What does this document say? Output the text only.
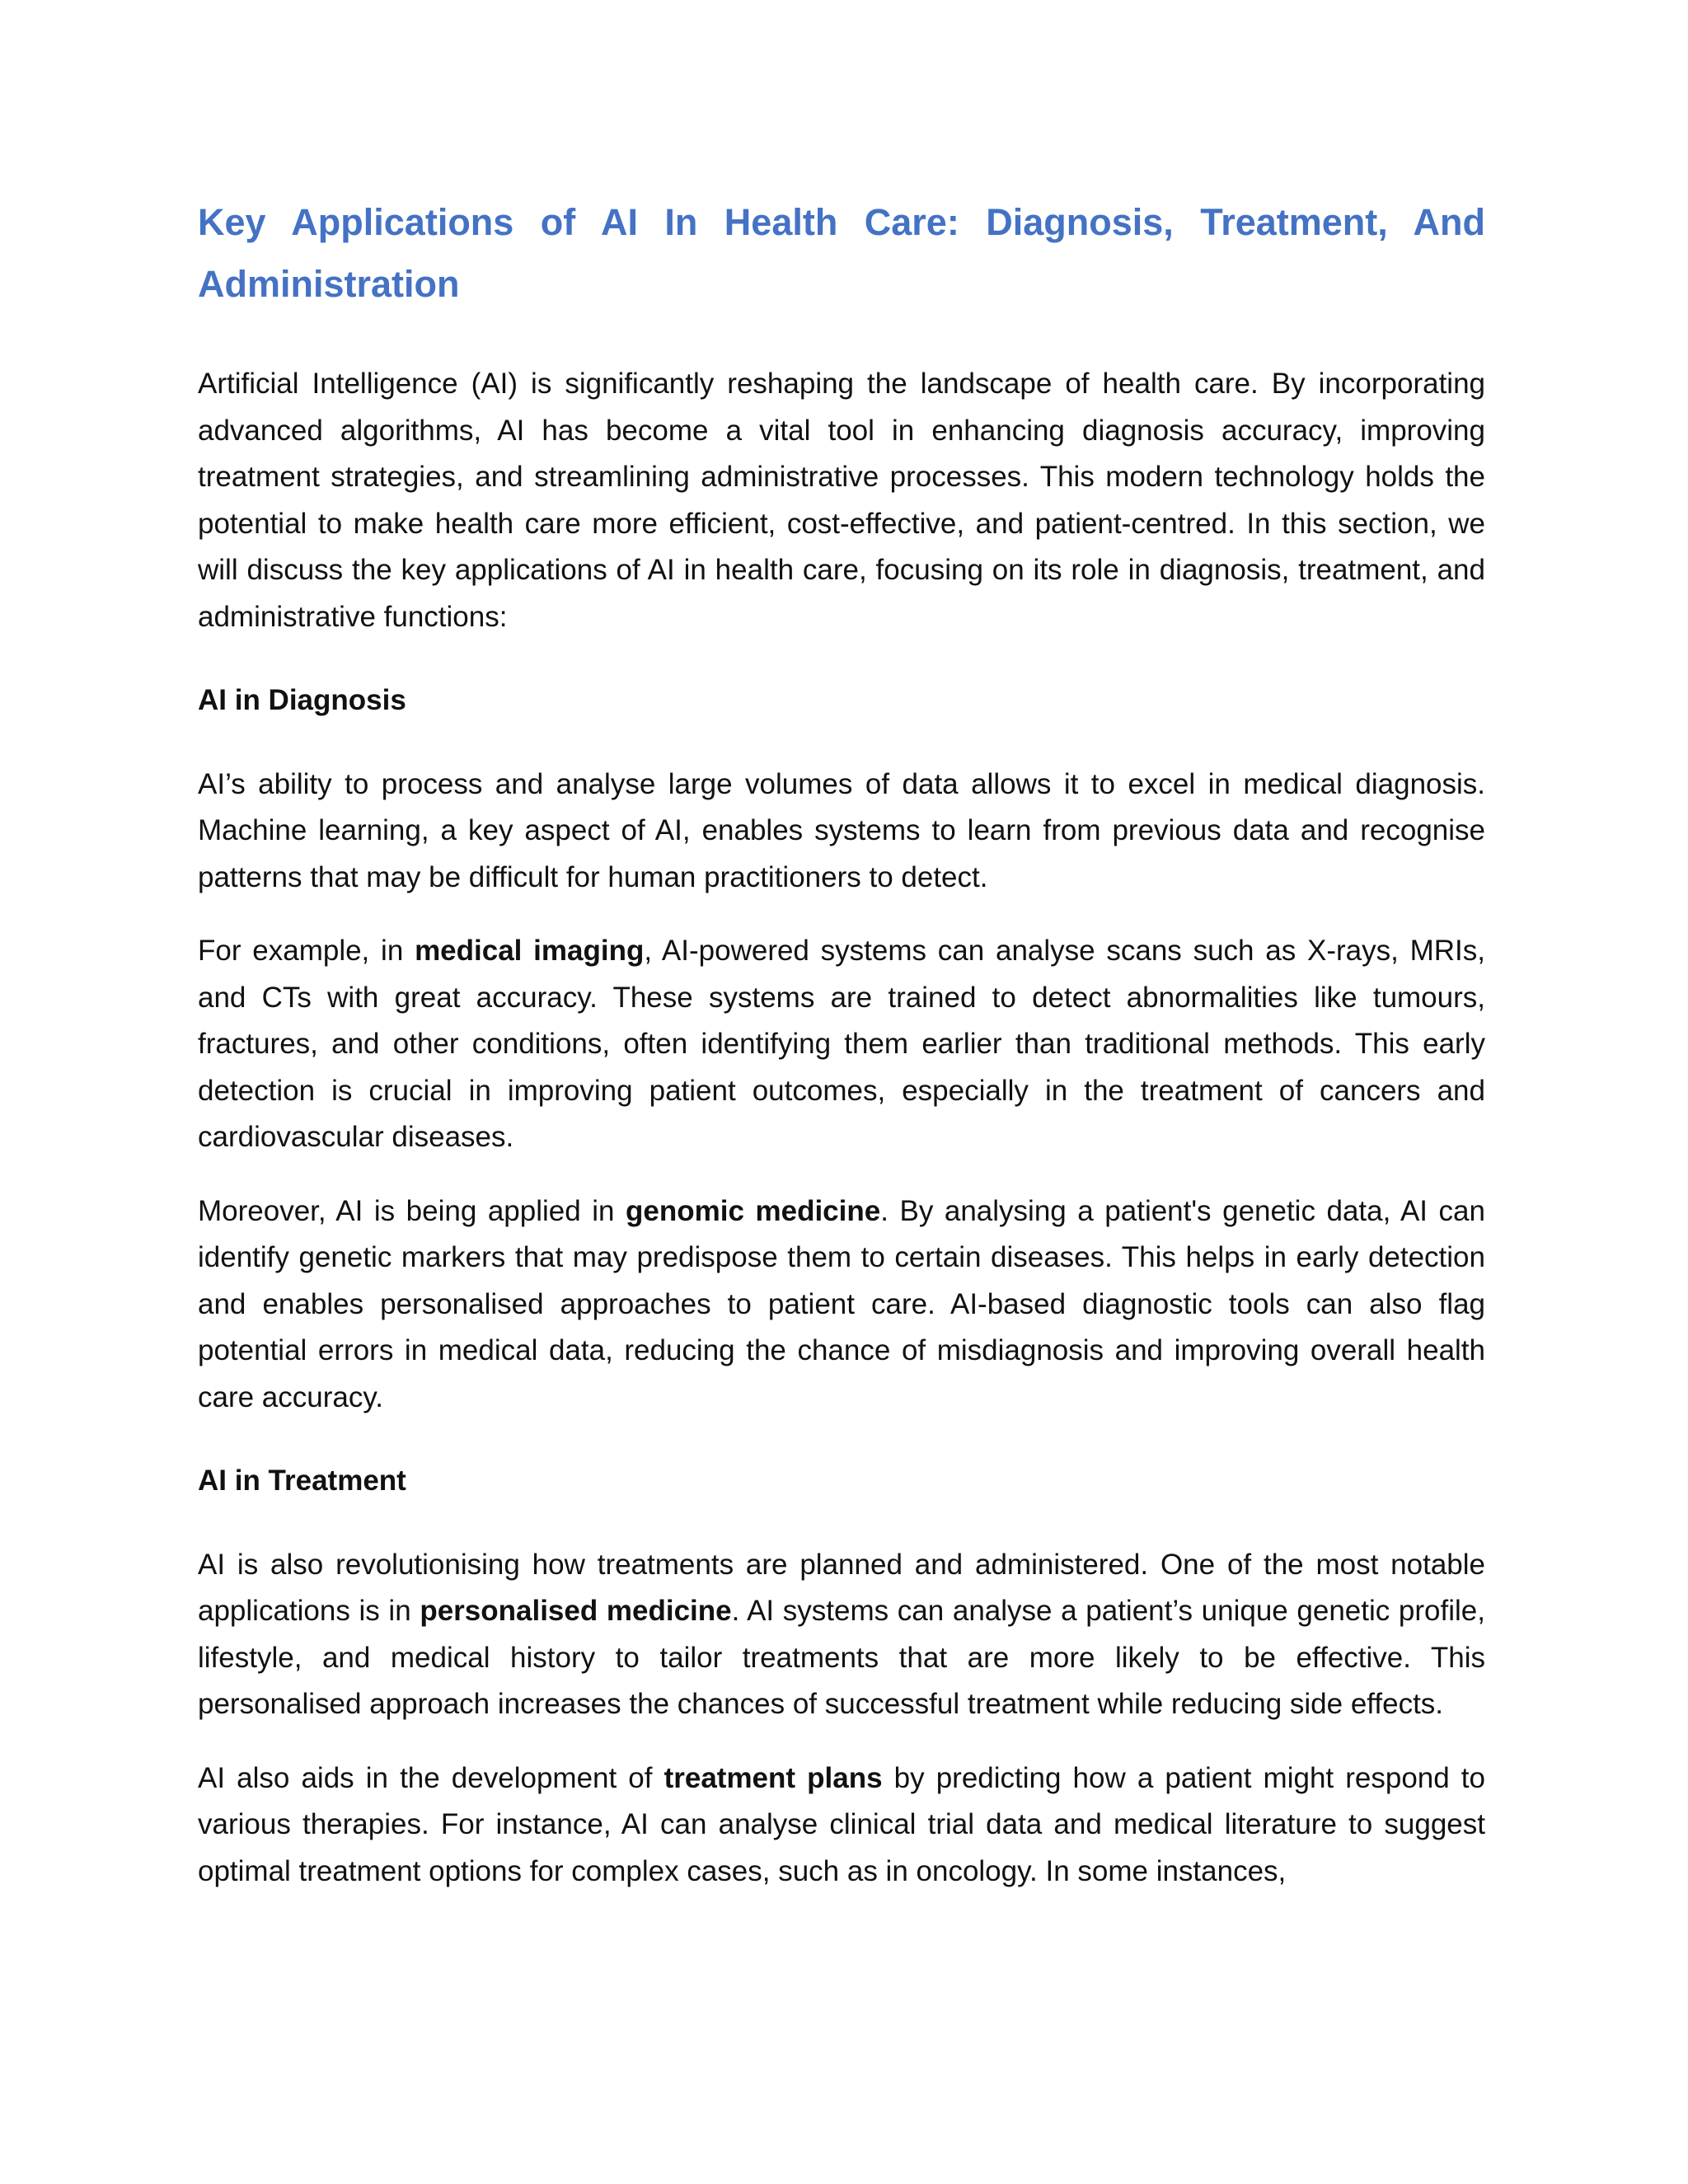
Key Applications of AI In Health Care: Diagnosis, Treatment, And Administration

Artificial Intelligence (AI) is significantly reshaping the landscape of health care. By incorporating advanced algorithms, AI has become a vital tool in enhancing diagnosis accuracy, improving treatment strategies, and streamlining administrative processes. This modern technology holds the potential to make health care more efficient, cost-effective, and patient-centred. In this section, we will discuss the key applications of AI in health care, focusing on its role in diagnosis, treatment, and administrative functions:

AI in Diagnosis

AI’s ability to process and analyse large volumes of data allows it to excel in medical diagnosis. Machine learning, a key aspect of AI, enables systems to learn from previous data and recognise patterns that may be difficult for human practitioners to detect.

For example, in medical imaging, AI-powered systems can analyse scans such as X-rays, MRIs, and CTs with great accuracy. These systems are trained to detect abnormalities like tumours, fractures, and other conditions, often identifying them earlier than traditional methods. This early detection is crucial in improving patient outcomes, especially in the treatment of cancers and cardiovascular diseases.

Moreover, AI is being applied in genomic medicine. By analysing a patient's genetic data, AI can identify genetic markers that may predispose them to certain diseases. This helps in early detection and enables personalised approaches to patient care. AI-based diagnostic tools can also flag potential errors in medical data, reducing the chance of misdiagnosis and improving overall health care accuracy.

AI in Treatment

AI is also revolutionising how treatments are planned and administered. One of the most notable applications is in personalised medicine. AI systems can analyse a patient’s unique genetic profile, lifestyle, and medical history to tailor treatments that are more likely to be effective. This personalised approach increases the chances of successful treatment while reducing side effects.

AI also aids in the development of treatment plans by predicting how a patient might respond to various therapies. For instance, AI can analyse clinical trial data and medical literature to suggest optimal treatment options for complex cases, such as in oncology. In some instances,
